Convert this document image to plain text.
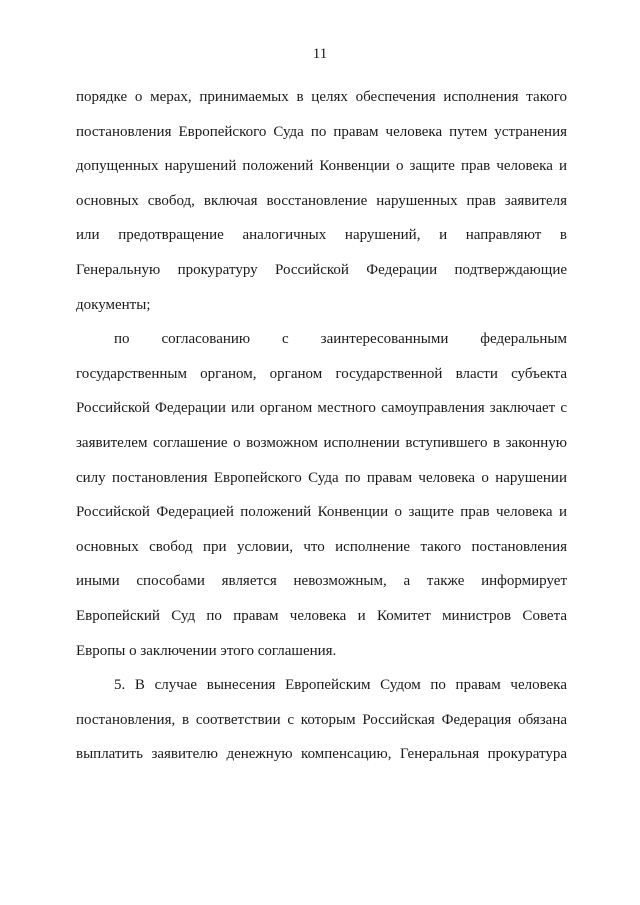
11
порядке о мерах, принимаемых в целях обеспечения исполнения такого
постановления Европейского Суда по правам человека путем устранения
допущенных нарушений положений Конвенции о защите прав человека и
основных свобод, включая восстановление нарушенных прав заявителя
или предотвращение аналогичных нарушений, и направляют в
Генеральную прокуратуру Российской Федерации подтверждающие
документы;
по согласованию с заинтересованными федеральным
государственным органом, органом государственной власти субъекта
Российской Федерации или органом местного самоуправления заключает с
заявителем соглашение о возможном исполнении вступившего в законную
силу постановления Европейского Суда по правам человека о нарушении
Российской Федерацией положений Конвенции о защите прав человека и
основных свобод при условии, что исполнение такого постановления
иными способами является невозможным, а также информирует
Европейский Суд по правам человека и Комитет министров Совета
Европы о заключении этого соглашения.
5. В случае вынесения Европейским Судом по правам человека
постановления, в соответствии с которым Российская Федерация обязана
выплатить заявителю денежную компенсацию, Генеральная прокуратура
